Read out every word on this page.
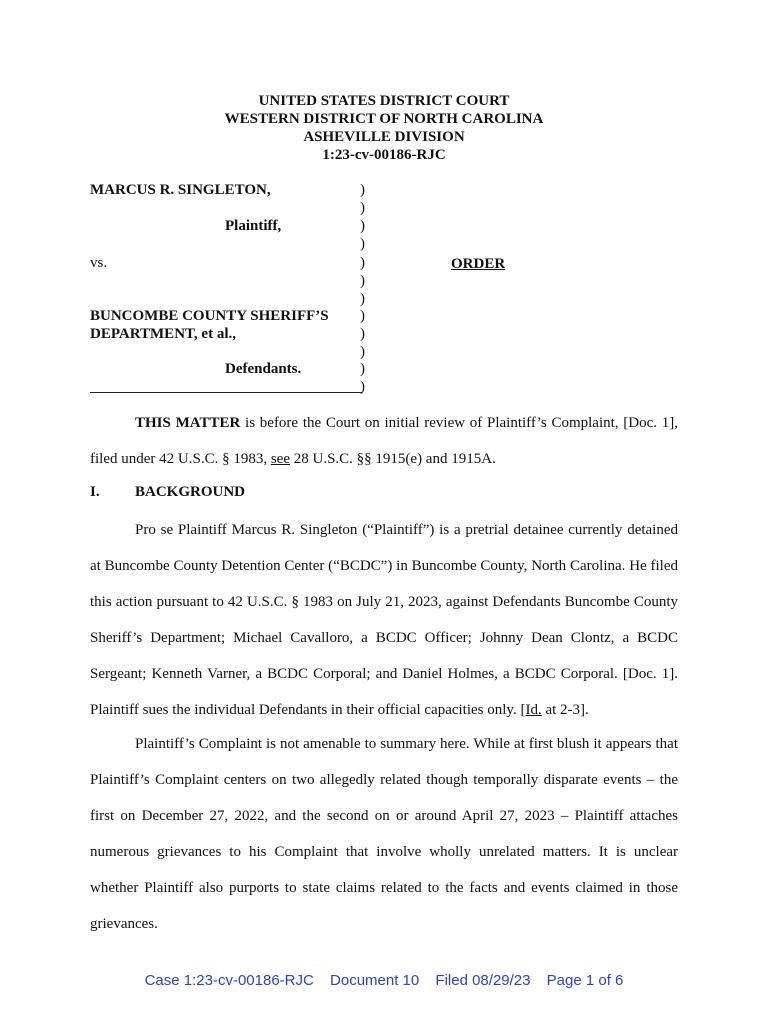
UNITED STATES DISTRICT COURT
WESTERN DISTRICT OF NORTH CAROLINA
ASHEVILLE DIVISION
1:23-cv-00186-RJC
MARCUS R. SINGLETON,
Plaintiff,
vs.
BUNCOMBE COUNTY SHERIFF’S
DEPARTMENT, et al.,
Defendants.
)
)
)
)
)
)
)
)
)
)
)
)
ORDER

THIS MATTER is before the Court on initial review of Plaintiff’s Complaint, [Doc. 1], filed under 42 U.S.C. § 1983, see 28 U.S.C. §§ 1915(e) and 1915A.

I. BACKGROUND

Pro se Plaintiff Marcus R. Singleton (“Plaintiff”) is a pretrial detainee currently detained at Buncombe County Detention Center (“BCDC”) in Buncombe County, North Carolina. He filed this action pursuant to 42 U.S.C. § 1983 on July 21, 2023, against Defendants Buncombe County Sheriff’s Department; Michael Cavalloro, a BCDC Officer; Johnny Dean Clontz, a BCDC Sergeant; Kenneth Varner, a BCDC Corporal; and Daniel Holmes, a BCDC Corporal. [Doc. 1]. Plaintiff sues the individual Defendants in their official capacities only. [Id. at 2-3].

Plaintiff’s Complaint is not amenable to summary here. While at first blush it appears that Plaintiff’s Complaint centers on two allegedly related though temporally disparate events – the first on December 27, 2022, and the second on or around April 27, 2023 – Plaintiff attaches numerous grievances to his Complaint that involve wholly unrelated matters. It is unclear whether Plaintiff also purports to state claims related to the facts and events claimed in those grievances.

Case 1:23-cv-00186-RJC Document 10 Filed 08/29/23 Page 1 of 6
